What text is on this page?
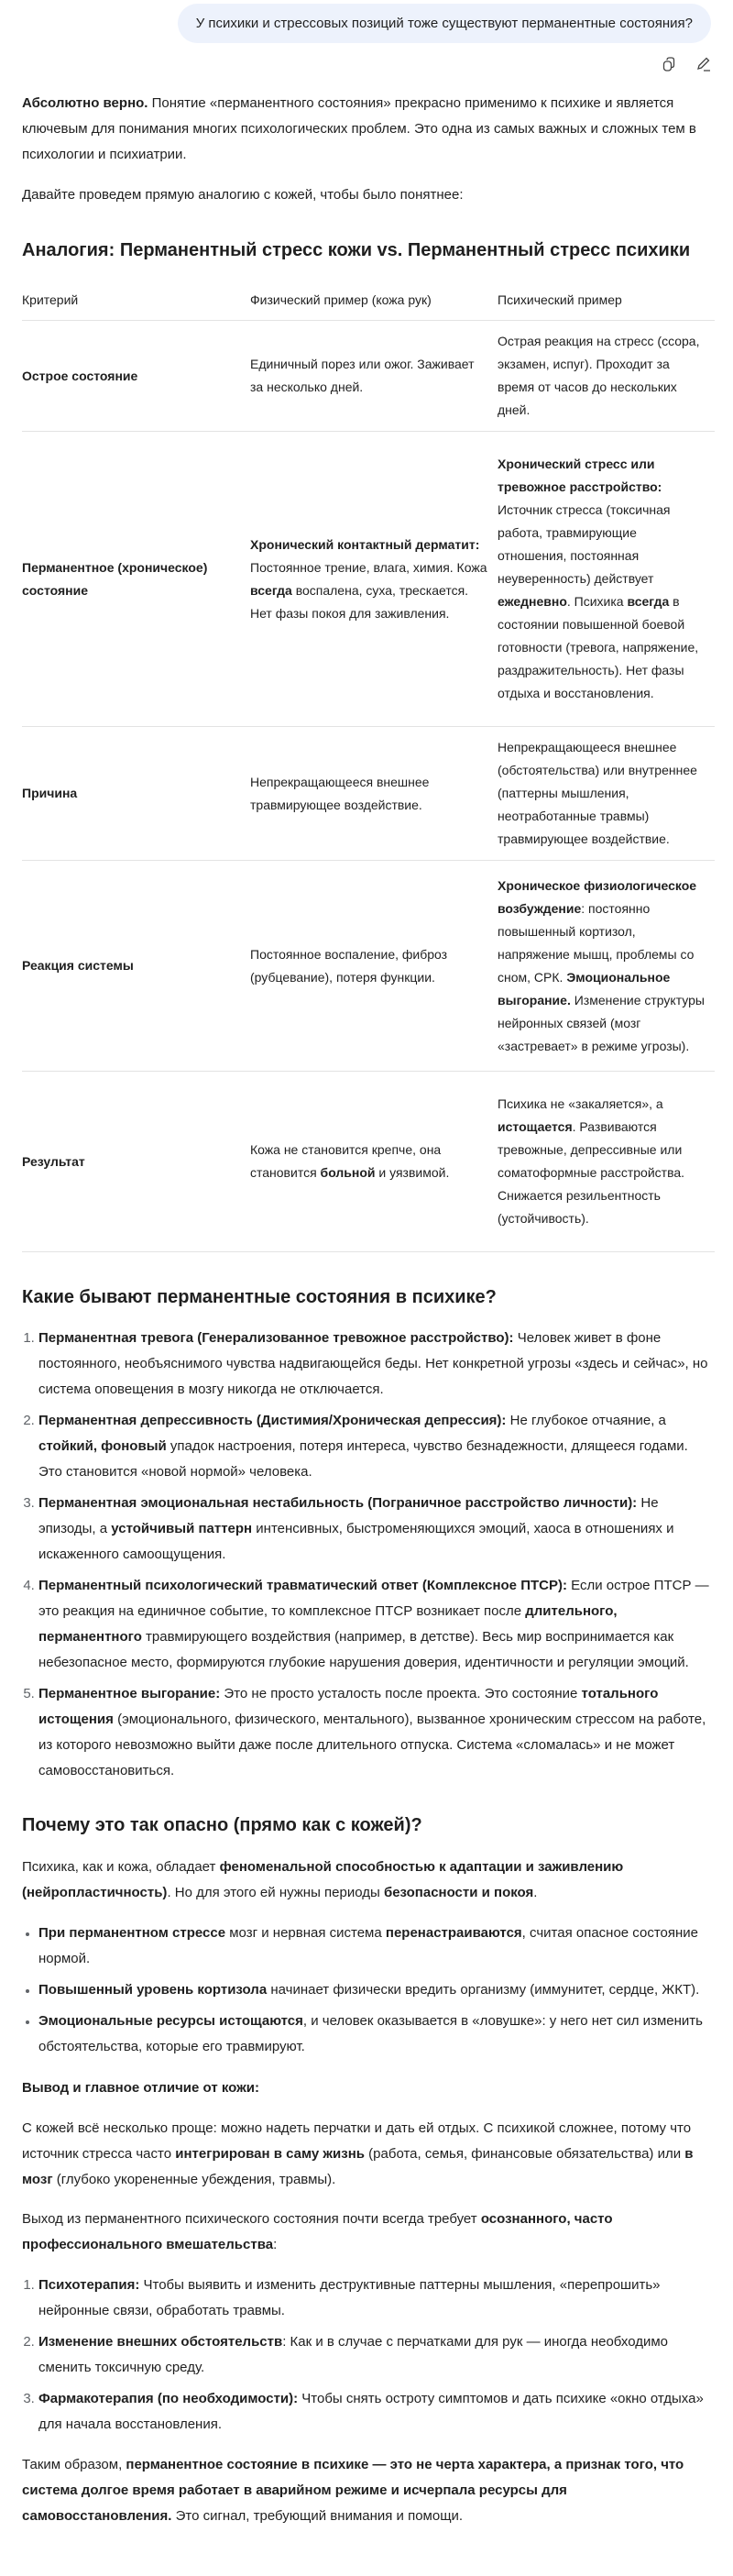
У психики и стрессовых позиций тоже существуют перманентные состояния?

Абсолютно верно. Понятие «перманентного состояния» прекрасно применимо к психике и является ключевым для понимания многих психологических проблем. Это одна из самых важных и сложных тем в психологии и психиатрии.

Давайте проведем прямую аналогию с кожей, чтобы было понятнее:

Аналогия: Перманентный стресс кожи vs. Перманентный стресс психики
Критерий	Физический пример (кожа рук)	Психический пример
Острое состояние	Единичный порез или ожог. Заживает за несколько дней.	Острая реакция на стресс (ссора, экзамен, испуг). Проходит за время от часов до нескольких дней.
Перманентное (хроническое) состояние	Хронический контактный дерматит: Постоянное трение, влага, химия. Кожа всегда воспалена, суха, трескается. Нет фазы покоя для заживления.	Хронический стресс или тревожное расстройство: Источник стресса (токсичная работа, травмирующие отношения, постоянная неуверенность) действует ежедневно. Психика всегда в состоянии повышенной боевой готовности (тревога, напряжение, раздражительность). Нет фазы отдыха и восстановления.
Причина	Непрекращающееся внешнее травмирующее воздействие.	Непрекращающееся внешнее (обстоятельства) или внутреннее (паттерны мышления, неотработанные травмы) травмирующее воздействие.
Реакция системы	Постоянное воспаление, фиброз (рубцевание), потеря функции.	Хроническое физиологическое возбуждение: постоянно повышенный кортизол, напряжение мышц, проблемы со сном, СРК. Эмоциональное выгорание. Изменение структуры нейронных связей (мозг «застревает» в режиме угрозы).
Результат	Кожа не становится крепче, она становится больной и уязвимой.	Психика не «закаляется», а истощается. Развиваются тревожные, депрессивные или соматоформные расстройства. Снижается резильентность (устойчивость).
Какие бывают перманентные состояния в психике?
1. Перманентная тревога (Генерализованное тревожное расстройство): Человек живет в фоне постоянного, необъяснимого чувства надвигающейся беды. Нет конкретной угрозы «здесь и сейчас», но система оповещения в мозгу никогда не отключается.
2. Перманентная депрессивность (Дистимия/Хроническая депрессия): Не глубокое отчаяние, а стойкий, фоновый упадок настроения, потеря интереса, чувство безнадежности, длящееся годами. Это становится «новой нормой» человека.
3. Перманентная эмоциональная нестабильность (Пограничное расстройство личности): Не эпизоды, а устойчивый паттерн интенсивных, быстроменяющихся эмоций, хаоса в отношениях и искаженного самоощущения.
4. Перманентный психологический травматический ответ (Комплексное ПТСР): Если острое ПТСР — это реакция на единичное событие, то комплексное ПТСР возникает после длительного, перманентного травмирующего воздействия (например, в детстве). Весь мир воспринимается как небезопасное место, формируются глубокие нарушения доверия, идентичности и регуляции эмоций.
5. Перманентное выгорание: Это не просто усталость после проекта. Это состояние тотального истощения (эмоционального, физического, ментального), вызванное хроническим стрессом на работе, из которого невозможно выйти даже после длительного отпуска. Система «сломалась» и не может самовосстановиться.
Почему это так опасно (прямо как с кожей)?

Психика, как и кожа, обладает феноменальной способностью к адаптации и заживлению (нейропластичность). Но для этого ей нужны периоды безопасности и покоя.

• При перманентном стрессе мозг и нервная система перенастраиваются, считая опасное состояние нормой.
• Повышенный уровень кортизола начинает физически вредить организму (иммунитет, сердце, ЖКТ).
• Эмоциональные ресурсы истощаются, и человек оказывается в «ловушке»: у него нет сил изменить обстоятельства, которые его травмируют.

Вывод и главное отличие от кожи:

С кожей всё несколько проще: можно надеть перчатки и дать ей отдых. С психикой сложнее, потому что источник стресса часто интегрирован в саму жизнь (работа, семья, финансовые обязательства) или в мозг (глубоко укорененные убеждения, травмы).

Выход из перманентного психического состояния почти всегда требует осознанного, часто профессионального вмешательства:

1. Психотерапия: Чтобы выявить и изменить деструктивные паттерны мышления, «перепрошить» нейронные связи, обработать травмы.
2. Изменение внешних обстоятельств: Как и в случае с перчатками для рук — иногда необходимо сменить токсичную среду.
3. Фармакотерапия (по необходимости): Чтобы снять остроту симптомов и дать психике «окно отдыха» для начала восстановления.

Таким образом, перманентное состояние в психике — это не черта характера, а признак того, что система долгое время работает в аварийном режиме и исчерпала ресурсы для самовосстановления. Это сигнал, требующий внимания и помощи.
